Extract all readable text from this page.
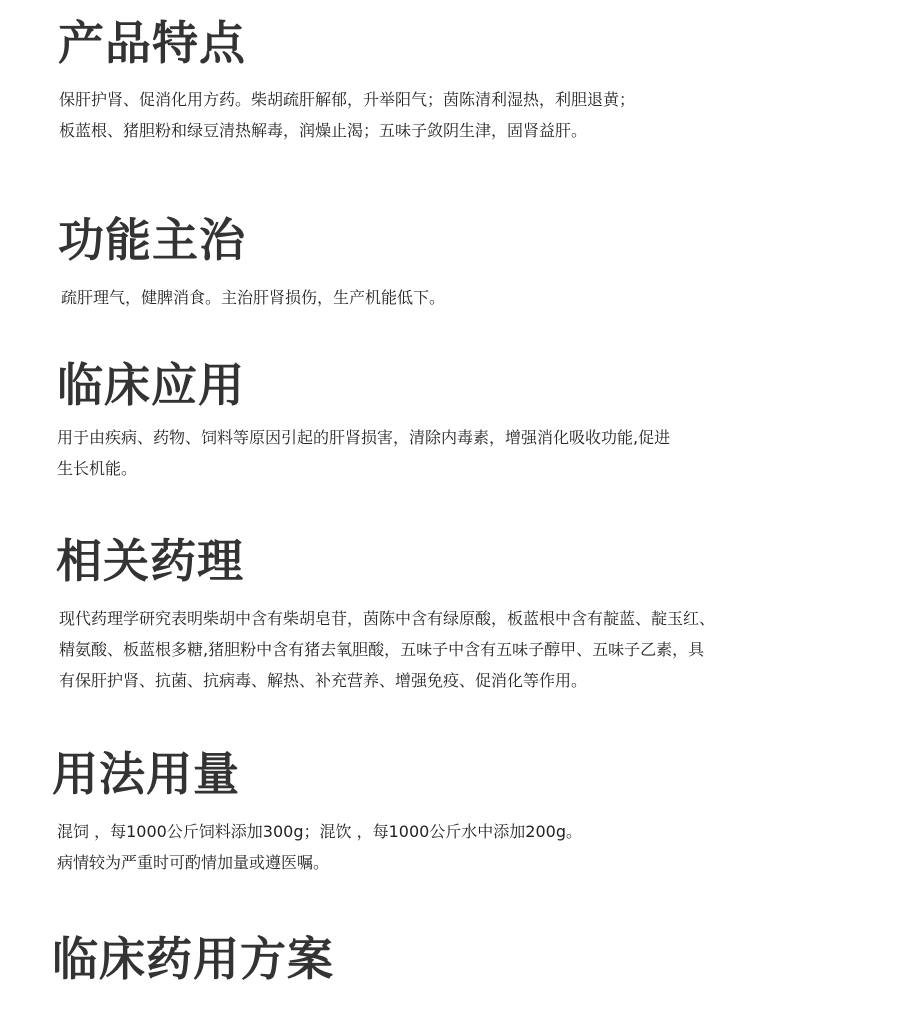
产品特点

保肝护肾、促消化用方药。柴胡疏肝解郁，升举阳气；茵陈清利湿热，利胆退黄；
板蓝根、猪胆粉和绿豆清热解毒，润燥止渴；五味子敛阴生津，固肾益肝。

功能主治

疏肝理气，健脾消食。主治肝肾损伤，生产机能低下。

临床应用

用于由疾病、药物、饲料等原因引起的肝肾损害，清除内毒素，增强消化吸收功能,促进
生长机能。

相关药理

现代药理学研究表明柴胡中含有柴胡皂苷，茵陈中含有绿原酸，板蓝根中含有靛蓝、靛玉红、
精氨酸、板蓝根多糖,猪胆粉中含有猪去氧胆酸，五味子中含有五味子醇甲、五味子乙素，具
有保肝护肾、抗菌、抗病毒、解热、补充营养、增强免疫、促消化等作用。

用法用量

混饲 ，每1000公斤饲料添加300g；混饮 ，每1000公斤水中添加200g。
病情较为严重时可酌情加量或遵医嘱。

临床药用方案
